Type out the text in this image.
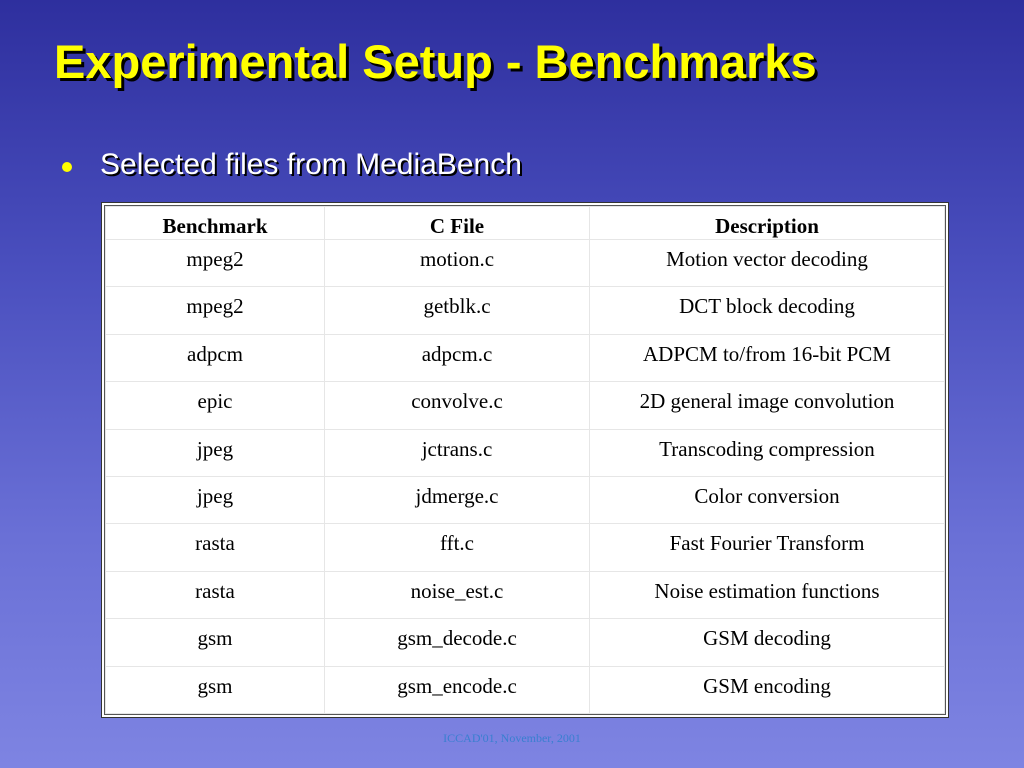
Experimental Setup - Benchmarks
Selected files from MediaBench
Benchmark	C File	Description
mpeg2	motion.c	Motion vector decoding
mpeg2	getblk.c	DCT block decoding
adpcm	adpcm.c	ADPCM to/from 16-bit PCM
epic	convolve.c	2D general image convolution
jpeg	jctrans.c	Transcoding compression
jpeg	jdmerge.c	Color conversion
rasta	fft.c	Fast Fourier Transform
rasta	noise_est.c	Noise estimation functions
gsm	gsm_decode.c	GSM decoding
gsm	gsm_encode.c	GSM encoding
ICCAD'01, November, 2001
